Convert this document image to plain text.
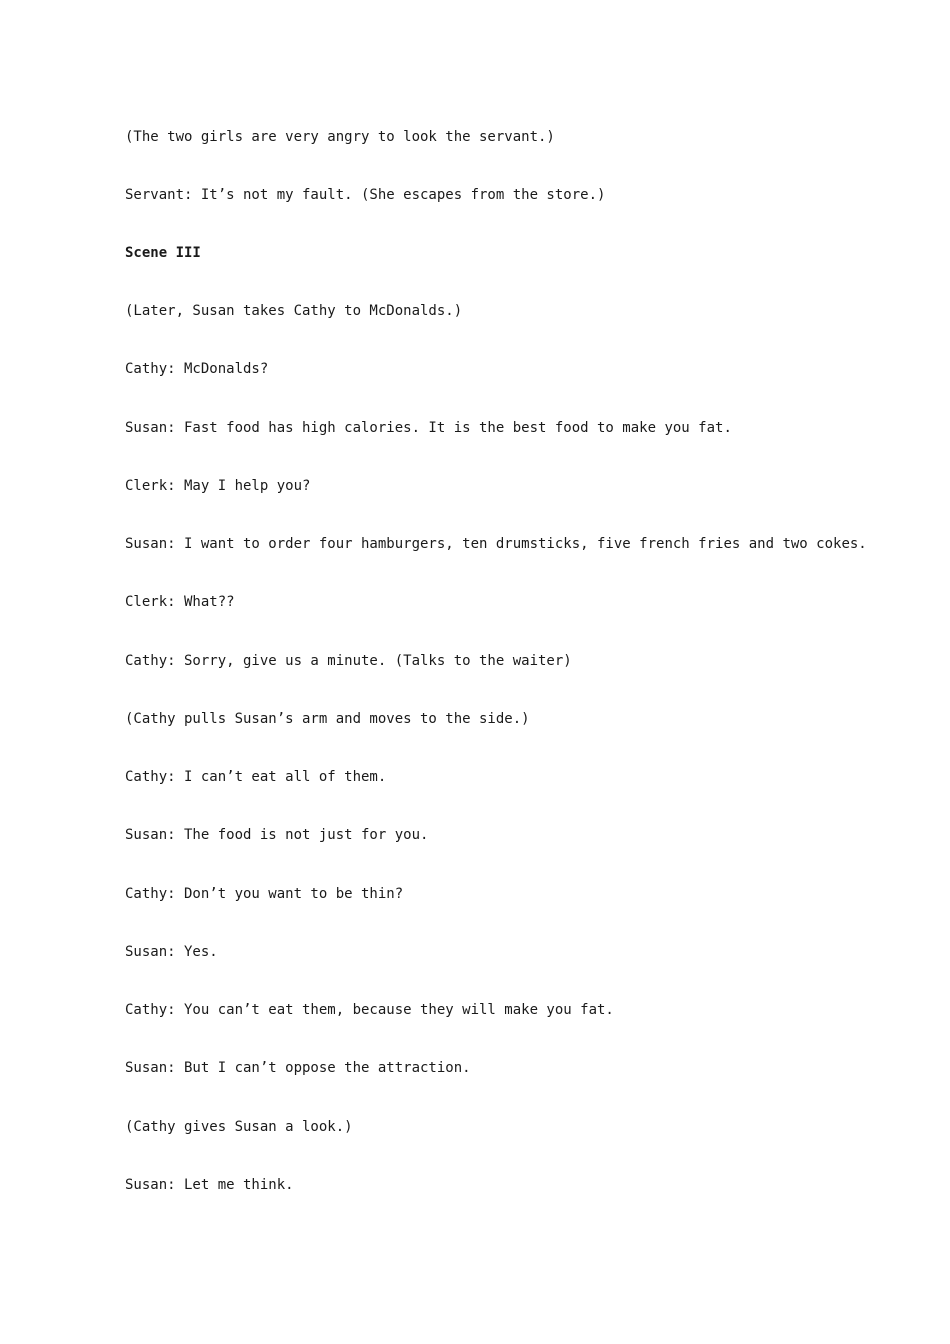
(The two girls are very angry to look the servant.)

Servant: It’s not my fault. (She escapes from the store.)

Scene III

(Later, Susan takes Cathy to McDonalds.)

Cathy: McDonalds?

Susan: Fast food has high calories. It is the best food to make you fat.

Clerk: May I help you?

Susan: I want to order four hamburgers, ten drumsticks, five french fries and two cokes.

Clerk: What??

Cathy: Sorry, give us a minute. (Talks to the waiter)

(Cathy pulls Susan’s arm and moves to the side.)

Cathy: I can’t eat all of them.

Susan: The food is not just for you.

Cathy: Don’t you want to be thin?

Susan: Yes.

Cathy: You can’t eat them, because they will make you fat.

Susan: But I can’t oppose the attraction.

(Cathy gives Susan a look.)

Susan: Let me think.
